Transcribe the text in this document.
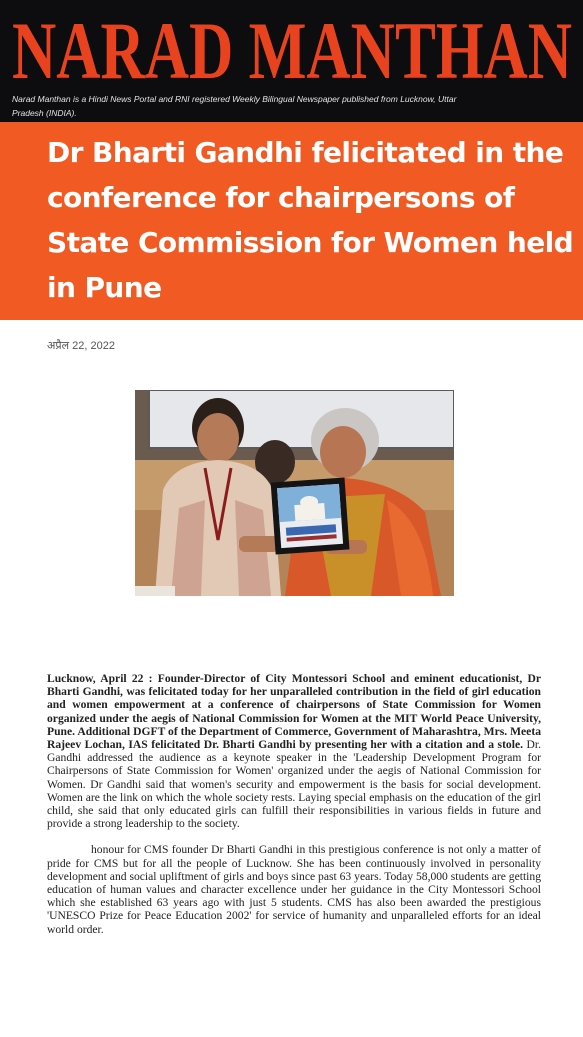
NARAD MANTHAN
Narad Manthan is a Hindi News Portal and RNI registered Weekly Bilingual Newspaper published from Lucknow, Uttar Pradesh (INDIA).
Dr Bharti Gandhi felicitated in the conference for chairpersons of State Commission for Women held in Pune
अप्रैल 22, 2022

Lucknow, April 22 : Founder-Director of City Montessori School and eminent educationist, Dr Bharti Gandhi, was felicitated today for her unparalleled contribution in the field of girl education and women empowerment at a conference of chairpersons of State Commission for Women organized under the aegis of National Commission for Women at the MIT World Peace University, Pune. Additional DGFT of the Department of Commerce, Government of Maharashtra, Mrs. Meeta Rajeev Lochan, IAS felicitated Dr. Bharti Gandhi by presenting her with a citation and a stole. Dr. Gandhi addressed the audience as a keynote speaker in the 'Leadership Development Program for Chairpersons of State Commission for Women' organized under the aegis of National Commission for Women. Dr Gandhi said that women's security and empowerment is the basis for social development. Women are the link on which the whole society rests. Laying special emphasis on the education of the girl child, she said that only educated girls can fulfill their responsibilities in various fields in future and provide a strong leadership to the society.

honour for CMS founder Dr Bharti Gandhi in this prestigious conference is not only a matter of pride for CMS but for all the people of Lucknow. She has been continuously involved in personality development and social upliftment of girls and boys since past 63 years. Today 58,000 students are getting education of human values and character excellence under her guidance in the City Montessori School which she established 63 years ago with just 5 students. CMS has also been awarded the prestigious 'UNESCO Prize for Peace Education 2002' for service of humanity and unparalleled efforts for an ideal world order.
